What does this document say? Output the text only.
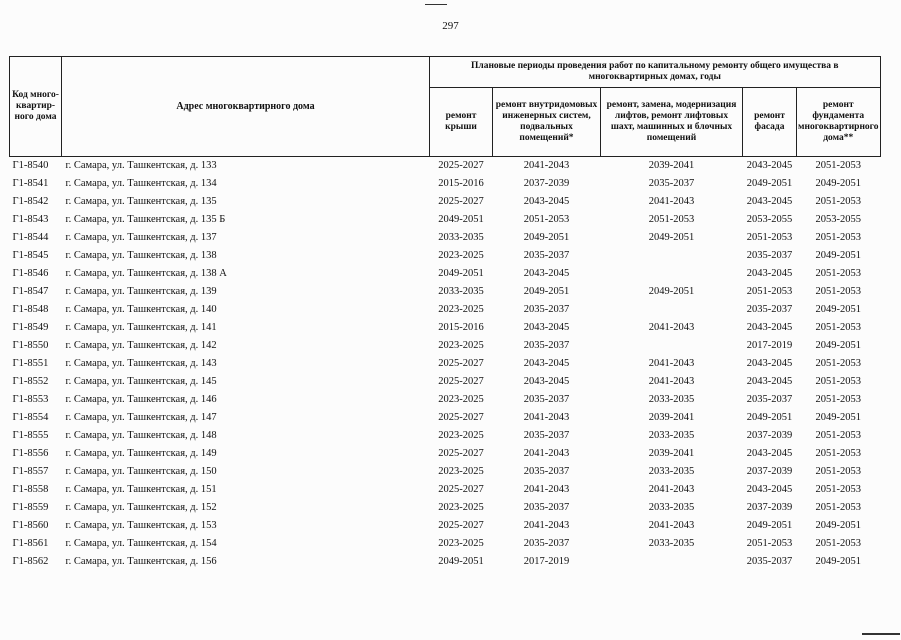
297
Код много-квартир-ного дома	Адрес многоквартирного дома	Плановые периоды проведения работ по капитальному ремонту общего имущества в многоквартирных домах, годы				
		ремонт крыши	ремонт внутридомовых инженерных систем, подвальных помещений*	ремонт, замена, модернизация лифтов, ремонт лифтовых шахт, машинных и блочных помещений	ремонт фасада	ремонт фундамента многоквартирного дома**
Г1-8540	г. Самара, ул. Ташкентская, д. 133	2025-2027	2041-2043	2039-2041	2043-2045	2051-2053
Г1-8541	г. Самара, ул. Ташкентская, д. 134	2015-2016	2037-2039	2035-2037	2049-2051	2049-2051
Г1-8542	г. Самара, ул. Ташкентская, д. 135	2025-2027	2043-2045	2041-2043	2043-2045	2051-2053
Г1-8543	г. Самара, ул. Ташкентская, д. 135 Б	2049-2051	2051-2053	2051-2053	2053-2055	2053-2055
Г1-8544	г. Самара, ул. Ташкентская, д. 137	2033-2035	2049-2051	2049-2051	2051-2053	2051-2053
Г1-8545	г. Самара, ул. Ташкентская, д. 138	2023-2025	2035-2037		2035-2037	2049-2051
Г1-8546	г. Самара, ул. Ташкентская, д. 138 А	2049-2051	2043-2045		2043-2045	2051-2053
Г1-8547	г. Самара, ул. Ташкентская, д. 139	2033-2035	2049-2051	2049-2051	2051-2053	2051-2053
Г1-8548	г. Самара, ул. Ташкентская, д. 140	2023-2025	2035-2037		2035-2037	2049-2051
Г1-8549	г. Самара, ул. Ташкентская, д. 141	2015-2016	2043-2045	2041-2043	2043-2045	2051-2053
Г1-8550	г. Самара, ул. Ташкентская, д. 142	2023-2025	2035-2037		2017-2019	2049-2051
Г1-8551	г. Самара, ул. Ташкентская, д. 143	2025-2027	2043-2045	2041-2043	2043-2045	2051-2053
Г1-8552	г. Самара, ул. Ташкентская, д. 145	2025-2027	2043-2045	2041-2043	2043-2045	2051-2053
Г1-8553	г. Самара, ул. Ташкентская, д. 146	2023-2025	2035-2037	2033-2035	2035-2037	2051-2053
Г1-8554	г. Самара, ул. Ташкентская, д. 147	2025-2027	2041-2043	2039-2041	2049-2051	2049-2051
Г1-8555	г. Самара, ул. Ташкентская, д. 148	2023-2025	2035-2037	2033-2035	2037-2039	2051-2053
Г1-8556	г. Самара, ул. Ташкентская, д. 149	2025-2027	2041-2043	2039-2041	2043-2045	2051-2053
Г1-8557	г. Самара, ул. Ташкентская, д. 150	2023-2025	2035-2037	2033-2035	2037-2039	2051-2053
Г1-8558	г. Самара, ул. Ташкентская, д. 151	2025-2027	2041-2043	2041-2043	2043-2045	2051-2053
Г1-8559	г. Самара, ул. Ташкентская, д. 152	2023-2025	2035-2037	2033-2035	2037-2039	2051-2053
Г1-8560	г. Самара, ул. Ташкентская, д. 153	2025-2027	2041-2043	2041-2043	2049-2051	2049-2051
Г1-8561	г. Самара, ул. Ташкентская, д. 154	2023-2025	2035-2037	2033-2035	2051-2053	2051-2053
Г1-8562	г. Самара, ул. Ташкентская, д. 156	2049-2051	2017-2019		2035-2037	2049-2051
